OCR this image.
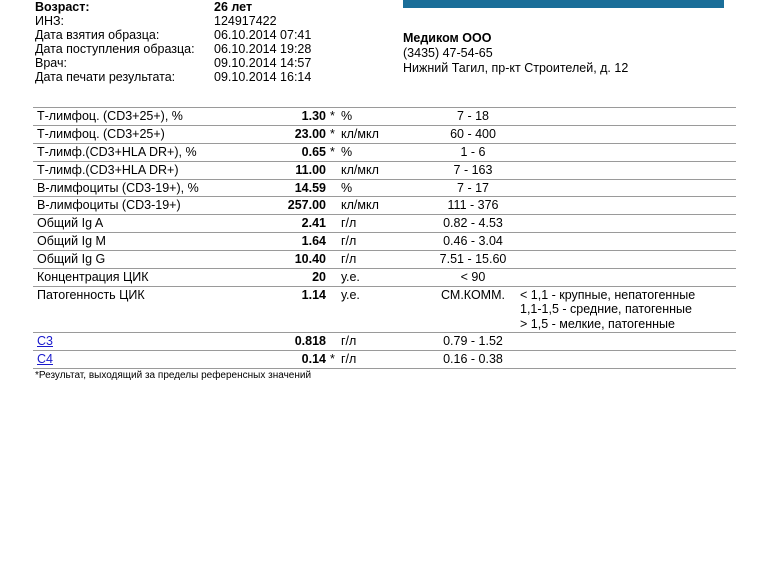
Возраст:	26 лет
ИНЗ:	124917422
Дата взятия образца:	06.10.2014 07:41
Дата поступления образца: 06.10.2014 19:28
Врач:	09.10.2014 14:57
Дата печати результата:	09.10.2014 16:14
Медиком ООО
(3435) 47-54-65
Нижний Тагил, пр-кт Строителей, д. 12
Т-лимфоц. (CD3+25+), %	1.30 * %	7 - 18
Т-лимфоц. (CD3+25+)	23.00 * кл/мкл	60 - 400
Т-лимф.(CD3+HLA DR+), %	0.65 * %	1 - 6
Т-лимф.(CD3+HLA DR+)	11.00 кл/мкл	7 - 163
В-лимфоциты (CD3-19+), %	14.59 %	7 - 17
В-лимфоциты (CD3-19+)	257.00 кл/мкл	111 - 376
Общий Ig A	2.41 г/л	0.82 - 4.53
Общий Ig M	1.64 г/л	0.46 - 3.04
Общий Ig G	10.40 г/л	7.51 - 15.60
Концентрация ЦИК	20 у.е.	< 90
Патогенность ЦИК	1.14 у.е.	СМ.КОММ.	< 1,1 - крупные, непатогенные
1,1-1,5 - средние, патогенные
> 1,5 - мелкие, патогенные
C3	0.818 г/л	0.79 - 1.52
C4	0.14 * г/л	0.16 - 0.38
*Результат, выходящий за пределы референсных значений
